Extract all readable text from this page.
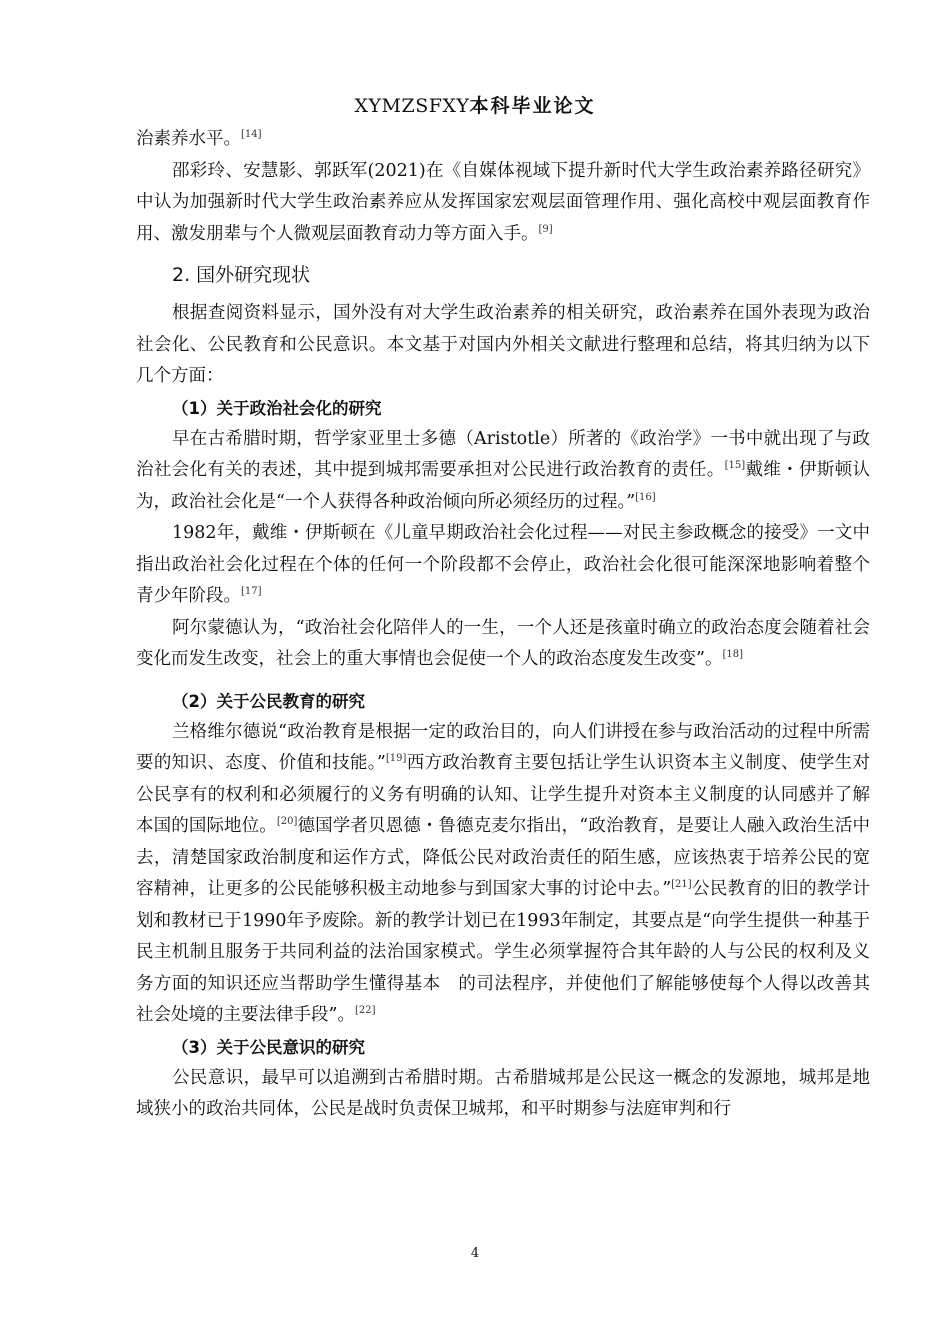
XYMZSFXY本科毕业论文

治素养水平。[14]

邵彩玲、安慧影、郭跃军(2021)在《自媒体视域下提升新时代大学生政治素养路径研究》中认为加强新时代大学生政治素养应从发挥国家宏观层面管理作用、强化高校中观层面教育作用、激发朋辈与个人微观层面教育动力等方面入手。[9]

2. 国外研究现状

根据查阅资料显示，国外没有对大学生政治素养的相关研究，政治素养在国外表现为政治社会化、公民教育和公民意识。本文基于对国内外相关文献进行整理和总结，将其归纳为以下几个方面：

（1）关于政治社会化的研究

早在古希腊时期，哲学家亚里士多德（Aristotle）所著的《政治学》一书中就出现了与政治社会化有关的表述，其中提到城邦需要承担对公民进行政治教育的责任。[15]戴维・伊斯顿认为，政治社会化是“一个人获得各种政治倾向所必须经历的过程。”[16]

1982年，戴维・伊斯顿在《儿童早期政治社会化过程——对民主参政概念的接受》一文中指出政治社会化过程在个体的任何一个阶段都不会停止，政治社会化很可能深深地影响着整个青少年阶段。[17]

阿尔蒙德认为，“政治社会化陪伴人的一生，一个人还是孩童时确立的政治态度会随着社会变化而发生改变，社会上的重大事情也会促使一个人的政治态度发生改变”。[18]

（2）关于公民教育的研究

兰格维尔德说“政治教育是根据一定的政治目的，向人们讲授在参与政治活动的过程中所需要的知识、态度、价值和技能。”[19]西方政治教育主要包括让学生认识资本主义制度、使学生对公民享有的权利和必须履行的义务有明确的认知、让学生提升对资本主义制度的认同感并了解本国的国际地位。[20]德国学者贝恩德・鲁德克麦尔指出，“政治教育，是要让人融入政治生活中去，清楚国家政治制度和运作方式，降低公民对政治责任的陌生感，应该热衷于培养公民的宽容精神，让更多的公民能够积极主动地参与到国家大事的讨论中去。”[21]公民教育的旧的教学计划和教材已于1990年予废除。新的教学计划已在1993年制定，其要点是“向学生提供一种基于民主机制且服务于共同利益的法治国家模式。学生必须掌握符合其年龄的人与公民的权利及义务方面的知识还应当帮助学生懂得基本　的司法程序，并使他们了解能够使每个人得以改善其社会处境的主要法律手段”。[22]

（3）关于公民意识的研究

公民意识，最早可以追溯到古希腊时期。古希腊城邦是公民这一概念的发源地，城邦是地域狭小的政治共同体，公民是战时负责保卫城邦，和平时期参与法庭审判和行

4
